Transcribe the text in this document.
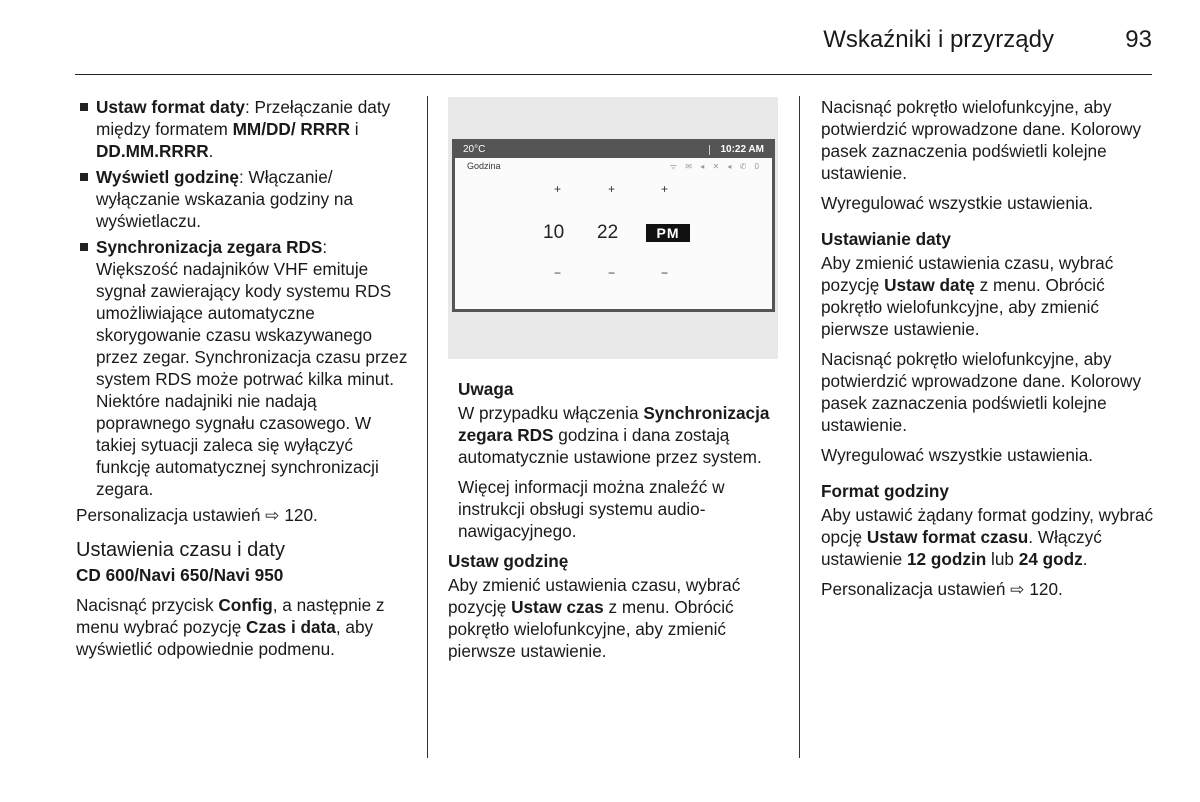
Wskaźniki i przyrządy	93
Ustaw format daty: Przełączanie daty między formatem MM/DD/ RRRR i DD.MM.RRRR.
Wyświetl godzinę: Włączanie/ wyłączanie wskazania godziny na wyświetlaczu.
Synchronizacja zegara RDS: Większość nadajników VHF emituje sygnał zawierający kody systemu RDS umożliwiające automatyczne skorygowanie czasu wskazywanego przez zegar. Synchronizacja czasu przez system RDS może potrwać kilka minut. Niektóre nadajniki nie nadają poprawnego sygnału czasowego. W takiej sytuacji zaleca się wyłączyć funkcję automatycznej synchronizacji zegara.

Personalizacja ustawień ⇨ 120.

Ustawienia czasu i daty
CD 600/Navi 650/Navi 950

Nacisnąć przycisk Config, a następnie z menu wybrać pozycję Czas i data, aby wyświetlić odpowiednie podmenu.

20°C	10:22 AM
Godzina	ᯤ ✉ ◂ ✕ ◂ ✆ 0
+	+	+
10 22	PM
−	−	−
Uwaga

W przypadku włączenia Synchronizacja zegara RDS godzina i dana zostają automatycznie ustawione przez system.

Więcej informacji można znaleźć w instrukcji obsługi systemu audio-nawigacyjnego.

Ustaw godzinę

Aby zmienić ustawienia czasu, wybrać pozycję Ustaw czas z menu. Obrócić pokrętło wielofunkcyjne, aby zmienić pierwsze ustawienie.

Nacisnąć pokrętło wielofunkcyjne, aby potwierdzić wprowadzone dane. Kolorowy pasek zaznaczenia podświetli kolejne ustawienie.

Wyregulować wszystkie ustawienia.

Ustawianie daty

Aby zmienić ustawienia czasu, wybrać pozycję Ustaw datę z menu. Obrócić pokrętło wielofunkcyjne, aby zmienić pierwsze ustawienie.

Nacisnąć pokrętło wielofunkcyjne, aby potwierdzić wprowadzone dane. Kolorowy pasek zaznaczenia podświetli kolejne ustawienie.

Wyregulować wszystkie ustawienia.

Format godziny

Aby ustawić żądany format godziny, wybrać opcję Ustaw format czasu. Włączyć ustawienie 12 godzin lub 24 godz.

Personalizacja ustawień ⇨ 120.
